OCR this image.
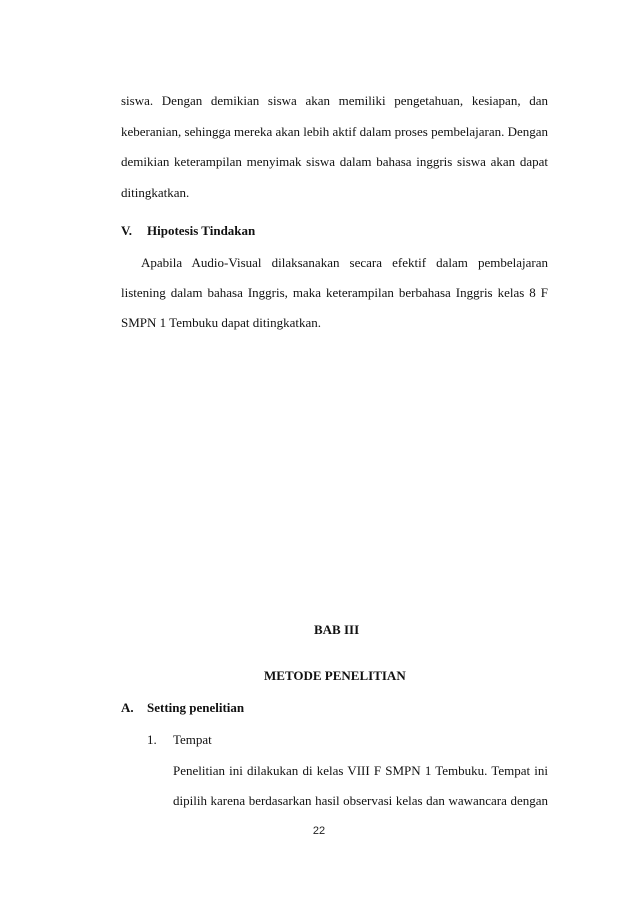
siswa. Dengan demikian siswa akan memiliki pengetahuan, kesiapan, dan
keberanian, sehingga mereka akan lebih aktif dalam proses pembelajaran. Dengan
demikian keterampilan menyimak siswa dalam bahasa inggris siswa akan dapat
ditingkatkan.
V. Hipotesis Tindakan
Apabila Audio-Visual dilaksanakan secara efektif dalam pembelajaran
listening dalam bahasa Inggris, maka keterampilan berbahasa Inggris kelas 8 F
SMPN 1 Tembuku dapat ditingkatkan.
BAB III
METODE PENELITIAN
A. Setting penelitian
1. Tempat
Penelitian ini dilakukan di kelas VIII F SMPN 1 Tembuku. Tempat ini
dipilih karena berdasarkan hasil observasi kelas dan wawancara dengan
22
